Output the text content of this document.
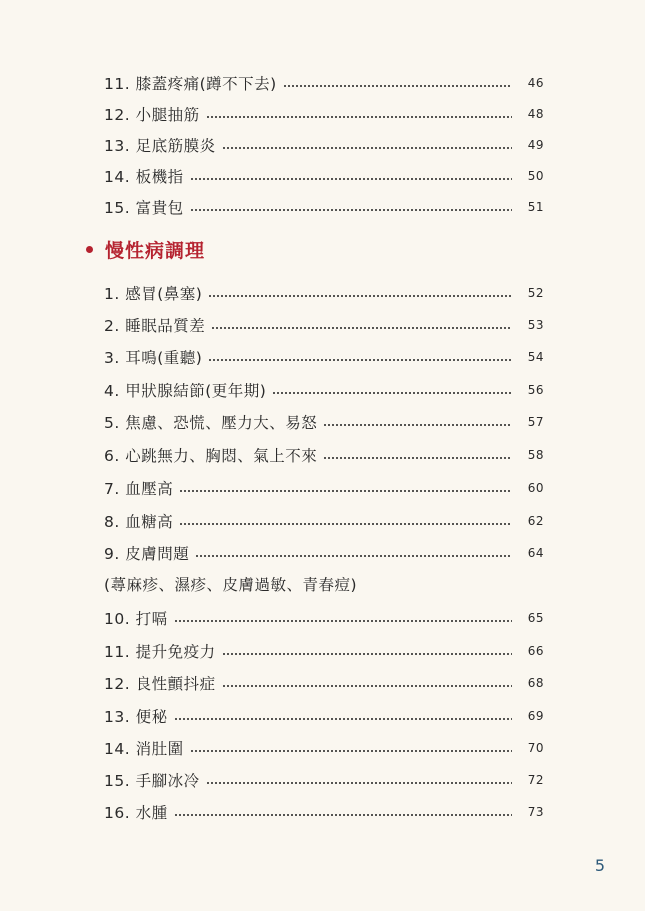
11. 膝蓋疼痛(蹲不下去)	46
12. 小腿抽筋	48
13. 足底筋膜炎	49
14. 板機指	50
15. 富貴包	51
慢性病調理
1. 感冒(鼻塞)	52
2. 睡眠品質差	53
3. 耳鳴(重聽)	54
4. 甲狀腺結節(更年期)	56
5. 焦慮、恐慌、壓力大、易怒	57
6. 心跳無力、胸悶、氣上不來	58
7. 血壓高	60
8. 血糖高	62
9. 皮膚問題	64
(蕁麻疹、濕疹、皮膚過敏、青春痘)
10. 打嗝	65
11. 提升免疫力	66
12. 良性顫抖症	68
13. 便秘	69
14. 消肚圍	70
15. 手腳冰冷	72
16. 水腫	73
5
